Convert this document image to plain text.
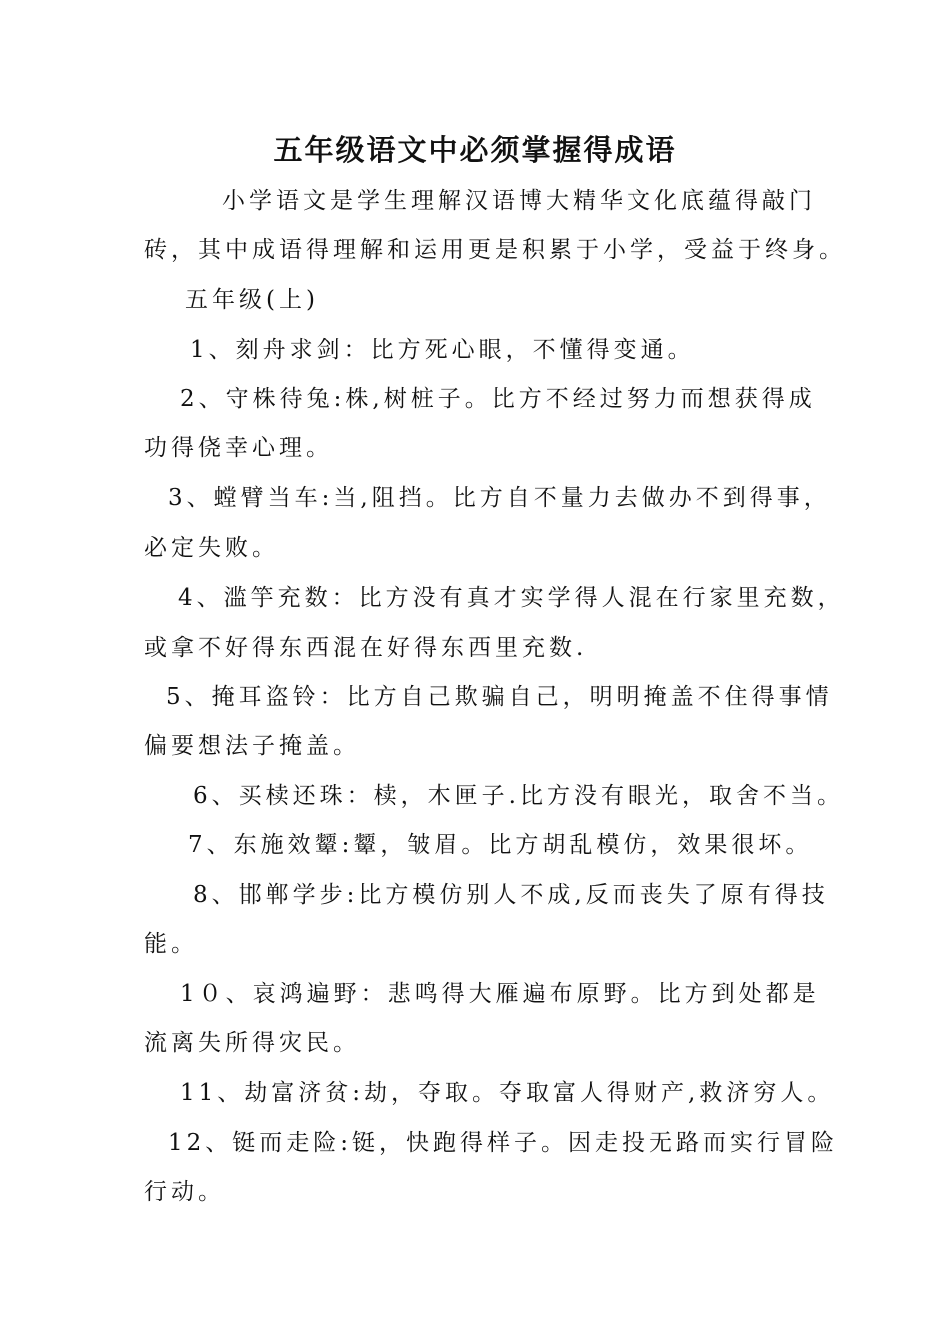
五年级语文中必须掌握得成语
小学语文是学生理解汉语博大精华文化底蕴得敲门
砖，其中成语得理解和运用更是积累于小学，受益于终身。
五年级(上)
1、刻舟求剑：比方死心眼，不懂得变通。
2、守株待兔:株,树桩子。比方不经过努力而想获得成
功得侥幸心理。
3、螳臂当车:当,阻挡。比方自不量力去做办不到得事，
必定失败。
4、滥竽充数：比方没有真才实学得人混在行家里充数，
或拿不好得东西混在好得东西里充数.
5、掩耳盗铃：比方自己欺骗自己，明明掩盖不住得事情
偏要想法子掩盖。
6、买椟还珠：椟，木匣子.比方没有眼光，取舍不当。
7、东施效颦:颦，皱眉。比方胡乱模仿，效果很坏。
8、邯郸学步:比方模仿别人不成,反而丧失了原有得技
能。
1０、哀鸿遍野：悲鸣得大雁遍布原野。比方到处都是
流离失所得灾民。
11、劫富济贫:劫，夺取。夺取富人得财产,救济穷人。
12、铤而走险:铤，快跑得样子。因走投无路而实行冒险
行动。
